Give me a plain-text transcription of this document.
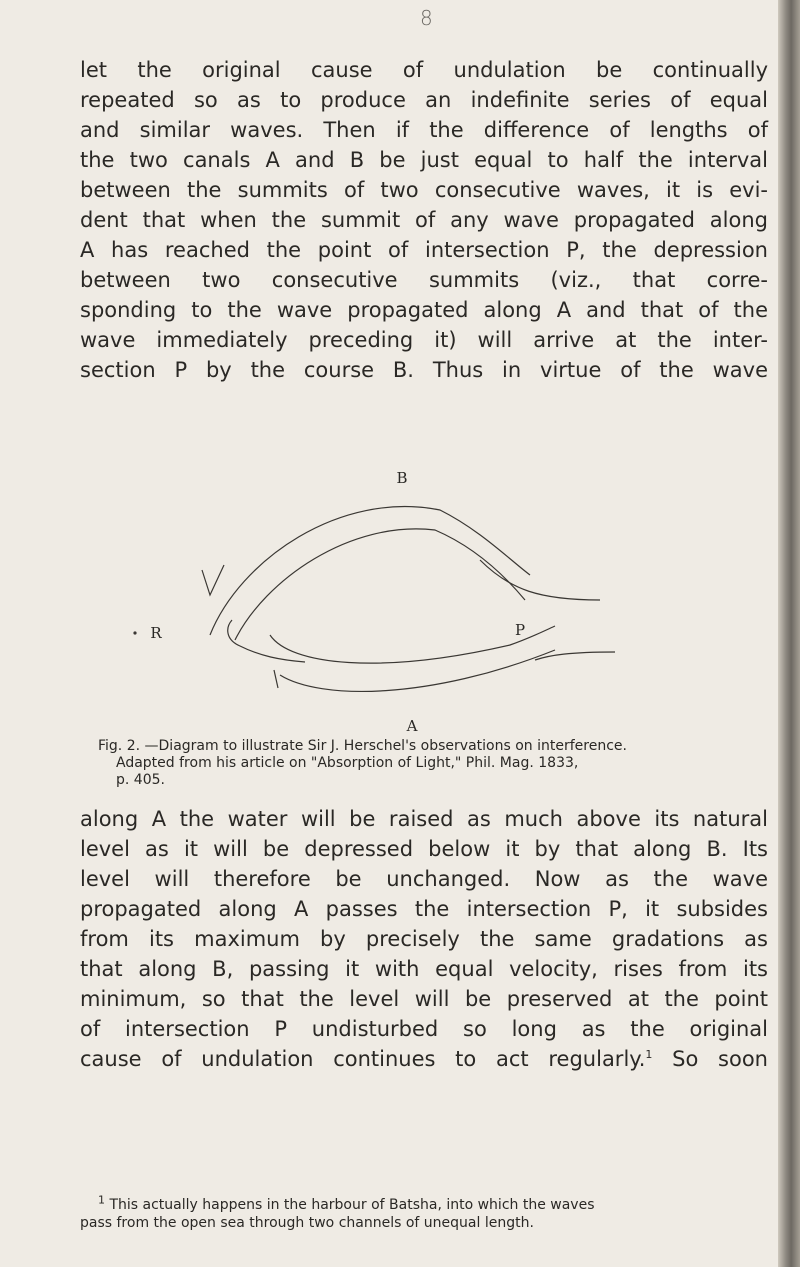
8

let the original cause of undulation be continually
repeated so as to produce an indefinite series of equal
and similar waves. Then if the difference of lengths of
the two canals A and B be just equal to half the interval
between the summits of two consecutive waves, it is evi-
dent that when the summit of any wave propagated along
A has reached the point of intersection P, the depression
between two consecutive summits (viz., that corre-
sponding to the wave propagated along A and that of the
wave immediately preceding it) will arrive at the inter-
section P by the course B. Thus in virtue of the wave

B
R	P
A
Fig. 2. —Diagram to illustrate Sir J. Herschel's observations on interference.
Adapted from his article on "Absorption of Light," Phil. Mag. 1833,
p. 405.

along A the water will be raised as much above its natural
level as it will be depressed below it by that along B. Its
level will therefore be unchanged. Now as the wave
propagated along A passes the intersection P, it subsides
from its maximum by precisely the same gradations as
that along B, passing it with equal velocity, rises from its
minimum, so that the level will be preserved at the point
of intersection P undisturbed so long as the original
cause of undulation continues to act regularly.$^1$ So soon

$^1$ This actually happens in the harbour of Batsha, into which the waves
pass from the open sea through two channels of unequal length.
